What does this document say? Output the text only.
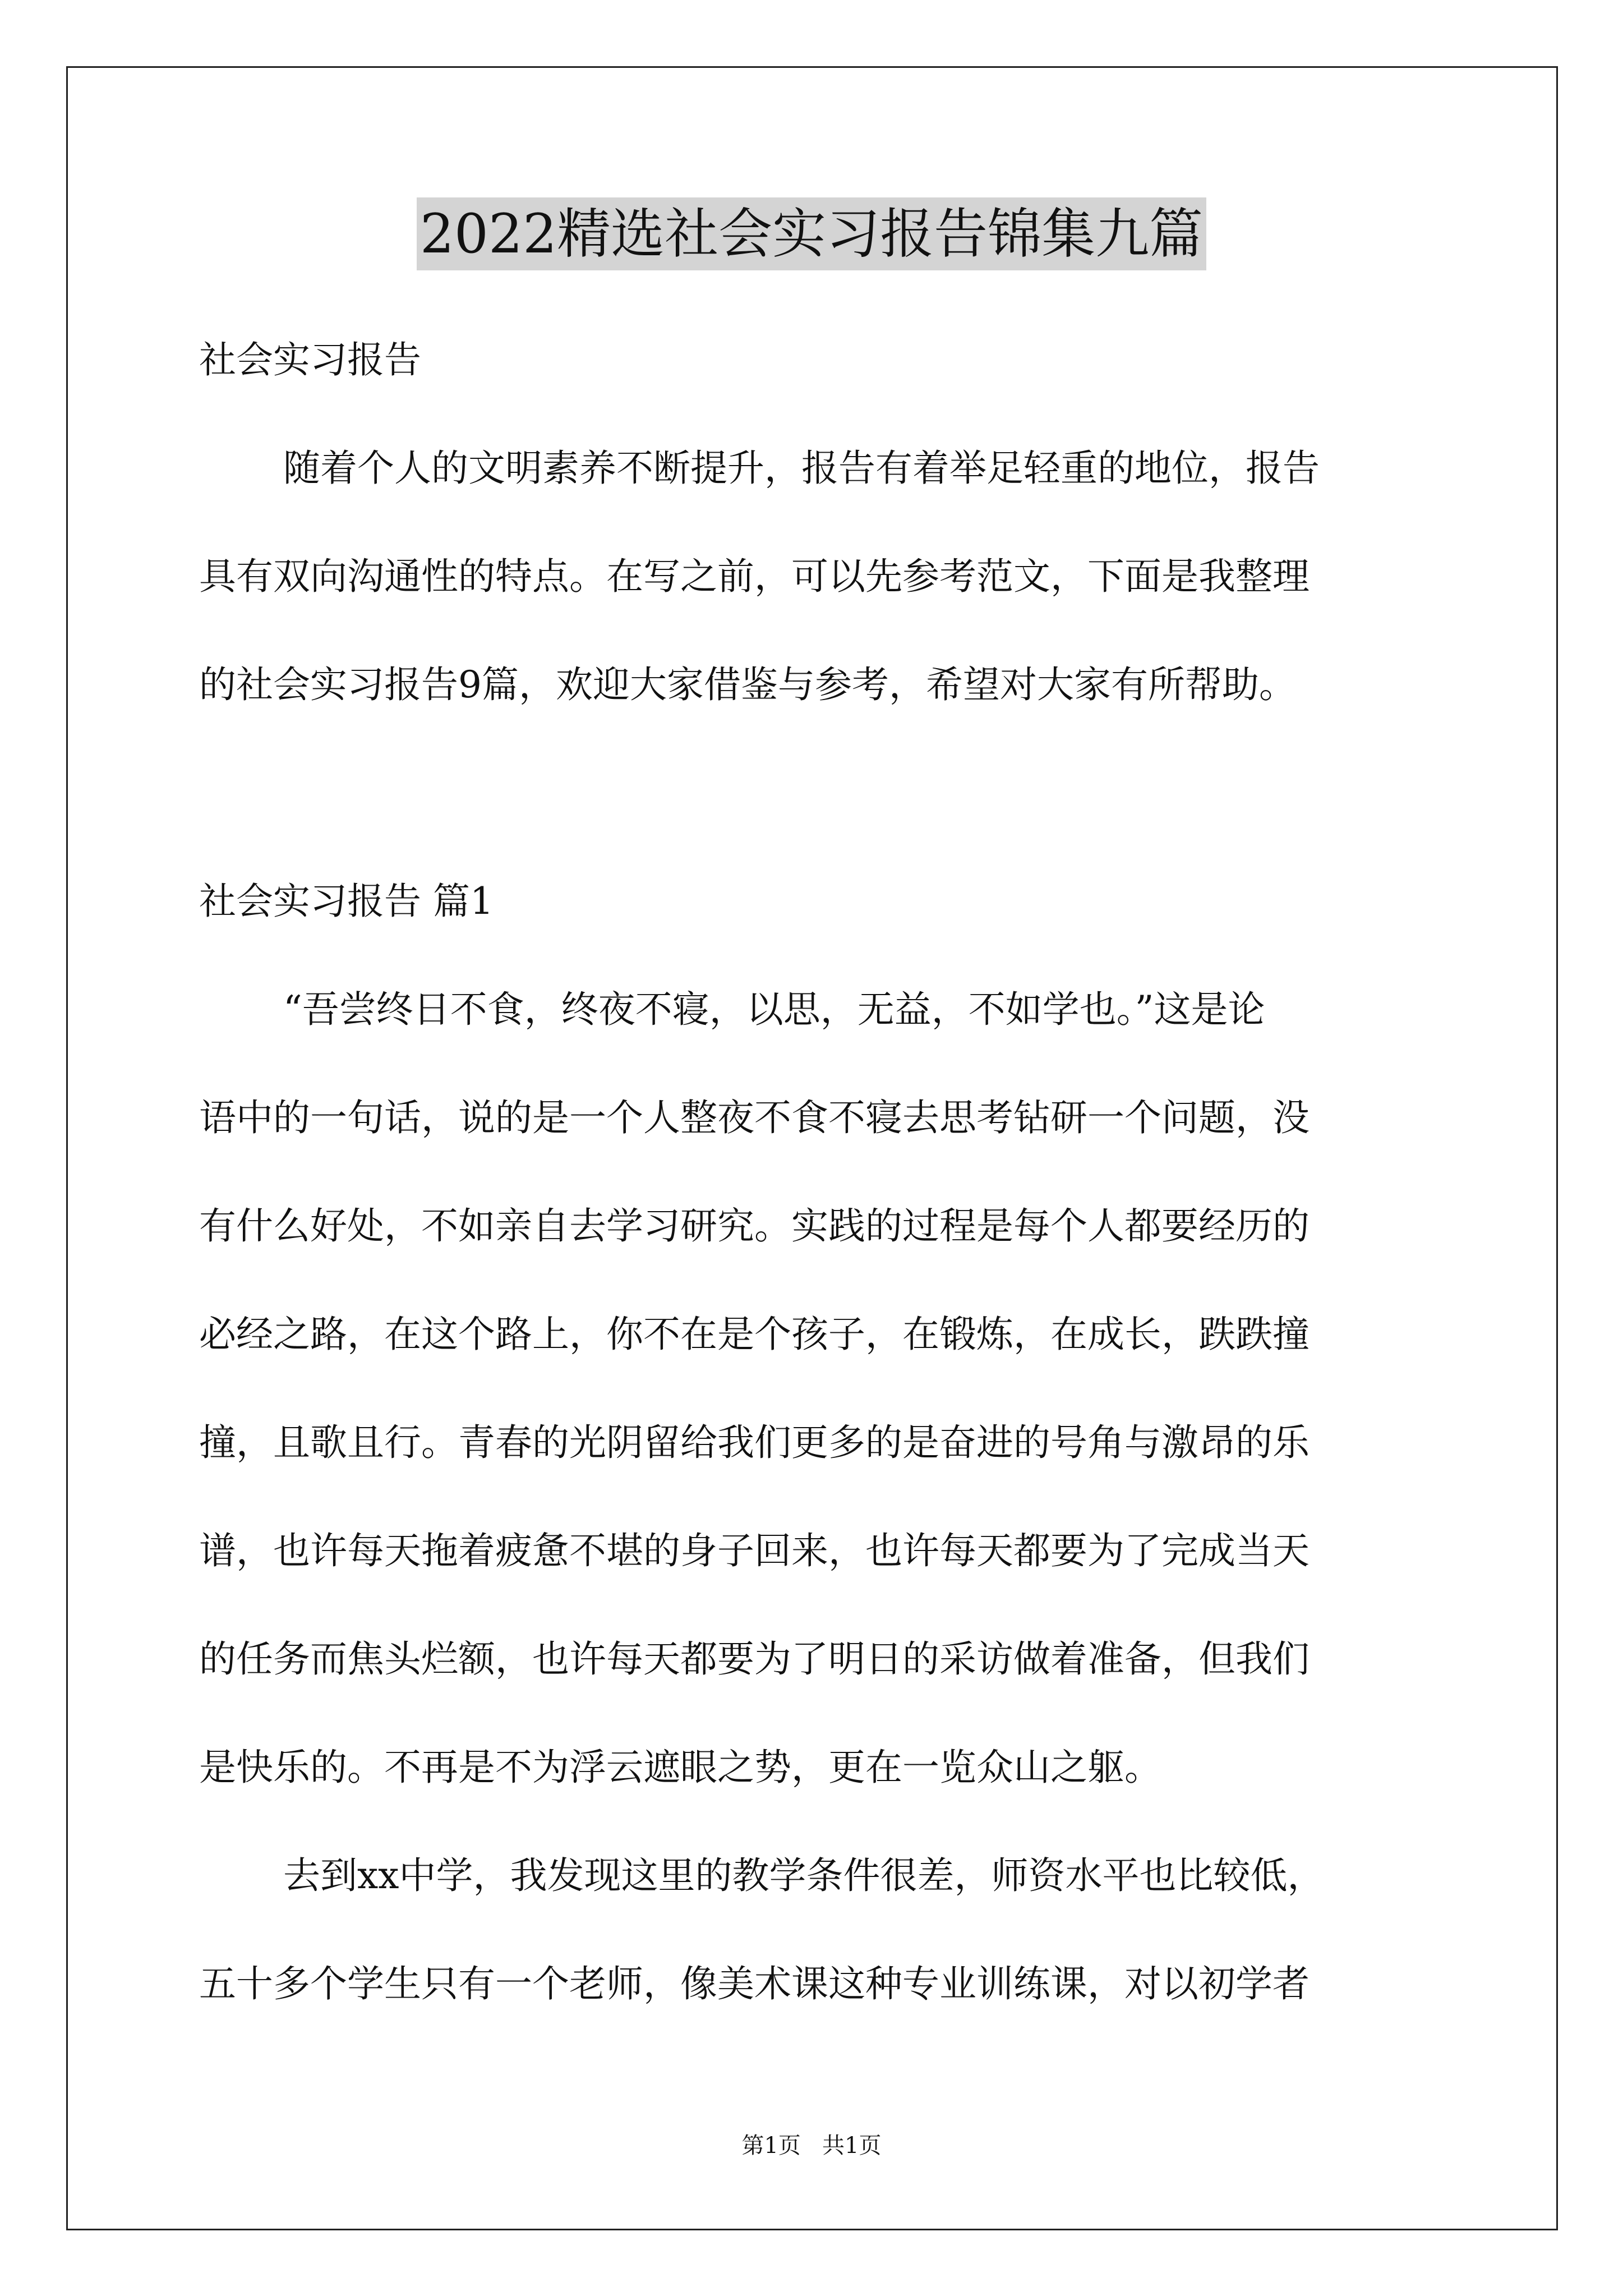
2022精选社会实习报告锦集九篇
社会实习报告
随着个人的文明素养不断提升，报告有着举足轻重的地位，报告
具有双向沟通性的特点。在写之前，可以先参考范文，下面是我整理
的社会实习报告9篇，欢迎大家借鉴与参考，希望对大家有所帮助。
社会实习报告 篇1
“吾尝终日不食，终夜不寝，以思，无益，不如学也。”这是论
语中的一句话，说的是一个人整夜不食不寝去思考钻研一个问题，没
有什么好处，不如亲自去学习研究。实践的过程是每个人都要经历的
必经之路，在这个路上，你不在是个孩子，在锻炼，在成长，跌跌撞
撞，且歌且行。青春的光阴留给我们更多的是奋进的号角与激昂的乐
谱，也许每天拖着疲惫不堪的身子回来，也许每天都要为了完成当天
的任务而焦头烂额，也许每天都要为了明日的采访做着准备，但我们
是快乐的。不再是不为浮云遮眼之势，更在一览众山之躯。
去到xx中学，我发现这里的教学条件很差，师资水平也比较低，
五十多个学生只有一个老师，像美术课这种专业训练课，对以初学者
第1页   共1页
